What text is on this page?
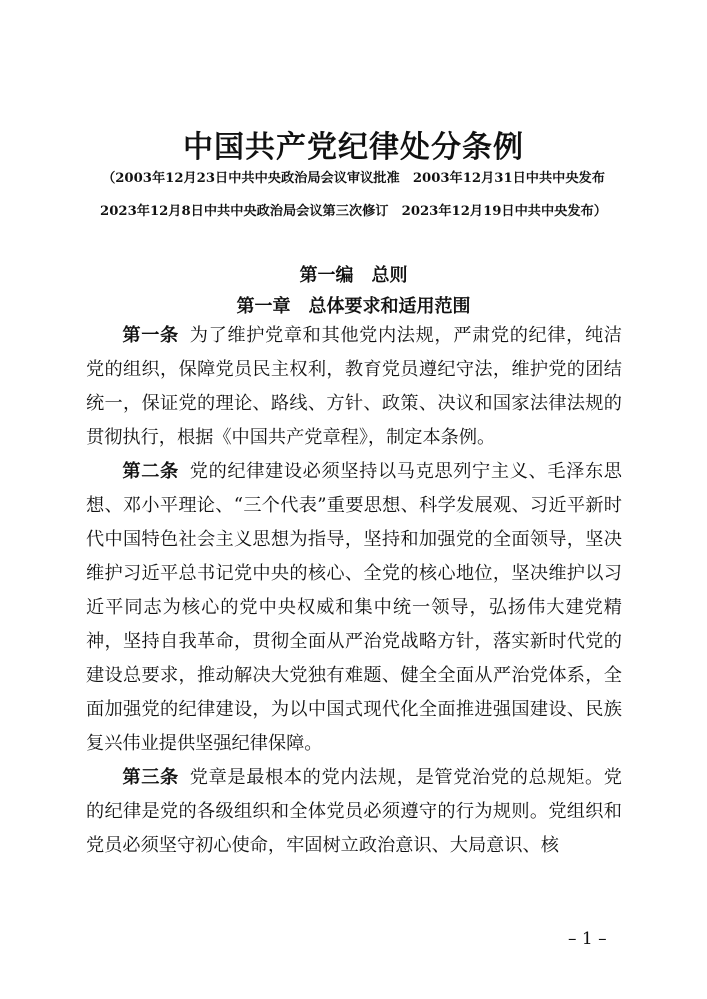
中国共产党纪律处分条例
（2003年12月23日中共中央政治局会议审议批准　2003年12月31日中共中央发布
2023年12月8日中共中央政治局会议第三次修订　2023年12月19日中共中央发布）
第一编　总则
第一章　总体要求和适用范围

第一条 为了维护党章和其他党内法规，严肃党的纪律，纯洁党的组织，保障党员民主权利，教育党员遵纪守法，维护党的团结统一，保证党的理论、路线、方针、政策、决议和国家法律法规的贯彻执行，根据《中国共产党章程》，制定本条例。

第二条 党的纪律建设必须坚持以马克思列宁主义、毛泽东思想、邓小平理论、“三个代表”重要思想、科学发展观、习近平新时代中国特色社会主义思想为指导，坚持和加强党的全面领导，坚决维护习近平总书记党中央的核心、全党的核心地位，坚决维护以习近平同志为核心的党中央权威和集中统一领导，弘扬伟大建党精神，坚持自我革命，贯彻全面从严治党战略方针，落实新时代党的建设总要求，推动解决大党独有难题、健全全面从严治党体系，全面加强党的纪律建设，为以中国式现代化全面推进强国建设、民族复兴伟业提供坚强纪律保障。

第三条 党章是最根本的党内法规，是管党治党的总规矩。党的纪律是党的各级组织和全体党员必须遵守的行为规则。党组织和党员必须坚守初心使命，牢固树立政治意识、大局意识、核

– 1 –
